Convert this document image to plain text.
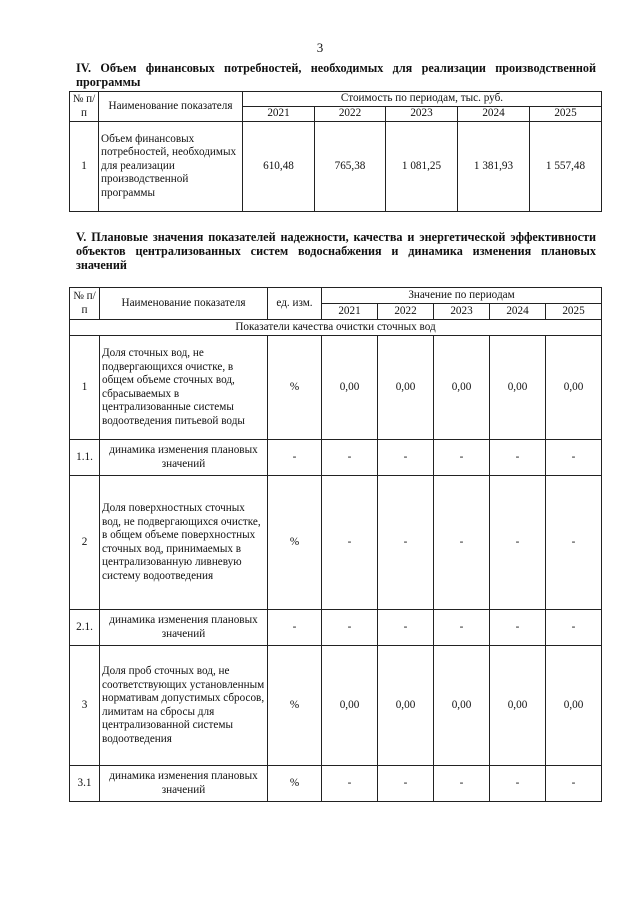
3
IV. Объем финансовых потребностей, необходимых для реализации производственной программы
№ п/п	Наименование показателя	Стоимость по периодам, тыс. руб.				
		2021	2022	2023	2024	2025
1	Объем финансовых потребностей, необходимых для реализации производственной программы	610,48	765,38	1 081,25	1 381,93	1 557,48
V. Плановые значения показателей надежности, качества и энергетической эффективности объектов централизованных систем водоснабжения и динамика изменения плановых значений
№ п/п	Наименование показателя	ед. изм.	Значение по периодам				
			2021	2022	2023	2024	2025
Показатели качества очистки сточных вод							
1	Доля сточных вод, не подвергающихся очистке, в общем объеме сточных вод, сбрасываемых в централизованные системы водоотведения питьевой воды	%	0,00	0,00	0,00	0,00	0,00
1.1.	динамика изменения плановых значений	-	-	-	-	-	-
2	Доля поверхностных сточных вод, не подвергающихся очистке, в общем объеме поверхностных сточных вод, принимаемых в централизованную ливневую систему водоотведения	%	-	-	-	-	-
2.1.	динамика изменения плановых значений	-	-	-	-	-	-
3	Доля проб сточных вод, не соответствующих установленным нормативам допустимых сбросов, лимитам на сбросы для централизованной системы водоотведения	%	0,00	0,00	0,00	0,00	0,00
3.1	динамика изменения плановых значений	%	-	-	-	-	-
